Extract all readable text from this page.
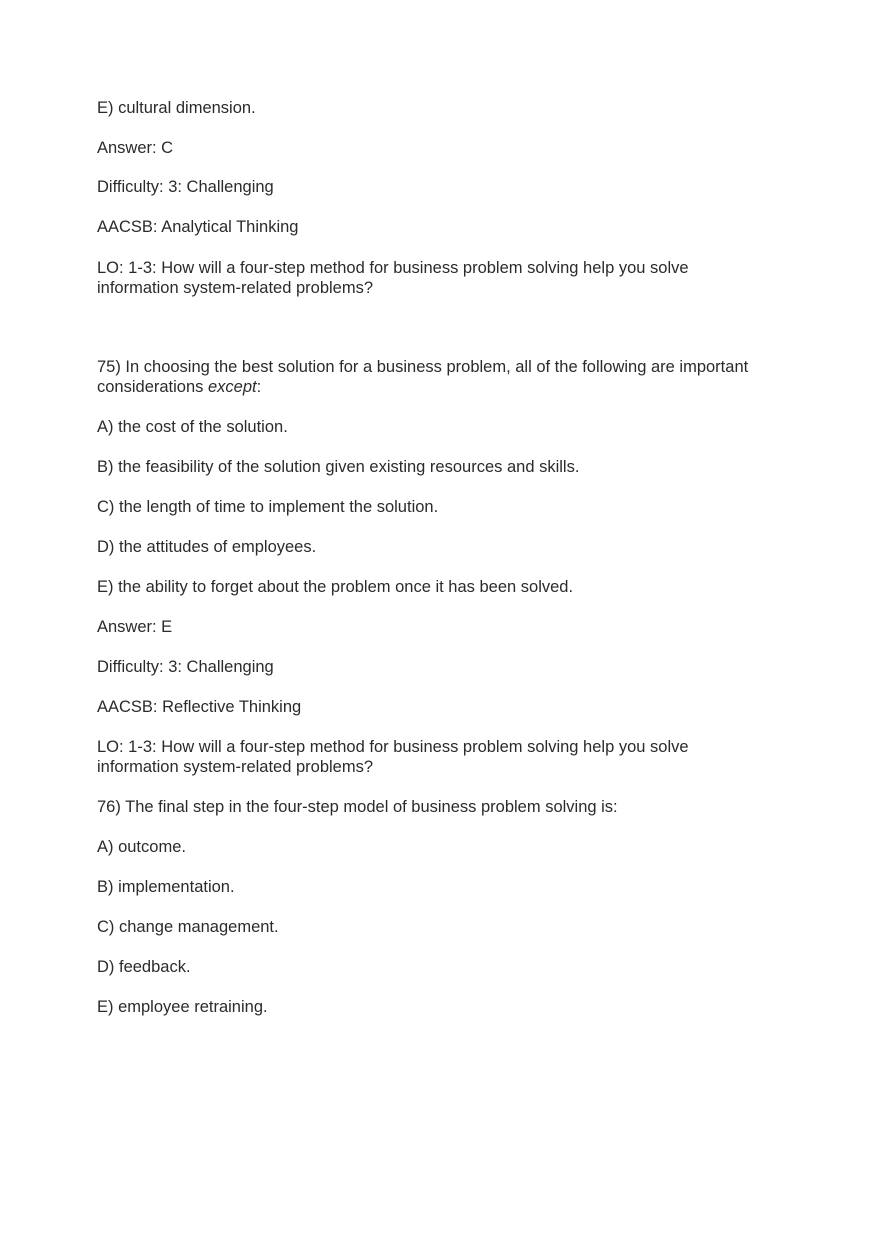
E) cultural dimension.
Answer: C
Difficulty: 3: Challenging
AACSB: Analytical Thinking
LO: 1-3: How will a four-step method for business problem solving help you solve
information system-related problems?
75) In choosing the best solution for a business problem, all of the following are important
considerations except:
A) the cost of the solution.
B) the feasibility of the solution given existing resources and skills.
C) the length of time to implement the solution.
D) the attitudes of employees.
E) the ability to forget about the problem once it has been solved.
Answer: E
Difficulty: 3: Challenging
AACSB: Reflective Thinking
LO: 1-3: How will a four-step method for business problem solving help you solve
information system-related problems?
76) The final step in the four-step model of business problem solving is:
A) outcome.
B) implementation.
C) change management.
D) feedback.
E) employee retraining.
